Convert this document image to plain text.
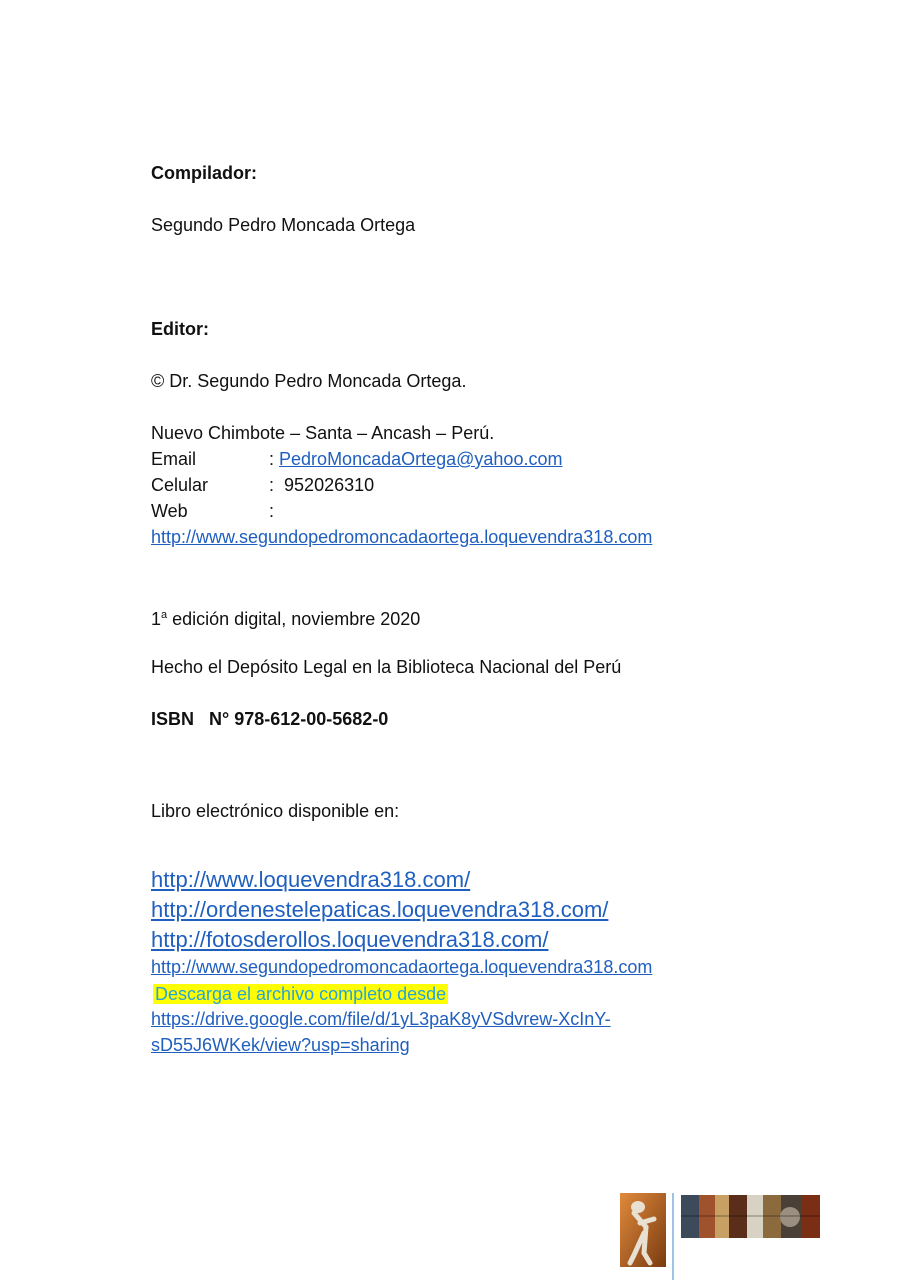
Compilador:
Segundo Pedro Moncada Ortega
Editor:
© Dr. Segundo Pedro Moncada Ortega.
Nuevo Chimbote – Santa – Ancash – Perú.
Email	: PedroMoncadaOrtega@yahoo.com
Celular	: 952026310
Web	:
http://www.segundopedromoncadaortega.loquevendra318.com
1$^a$ edición digital, noviembre 2020
Hecho el Depósito Legal en la Biblioteca Nacional del Perú
ISBN   N° 978-612-00-5682-0
Libro electrónico disponible en:
http://www.loquevendra318.com/
http://ordenestelepaticas.loquevendra318.com/
http://fotosderollos.loquevendra318.com/
http://www.segundopedromoncadaortega.loquevendra318.com
Descarga el archivo completo desde
https://drive.google.com/file/d/1yL3paK8yVSdvrew-XcInY-
sD55J6WKek/view?usp=sharing
